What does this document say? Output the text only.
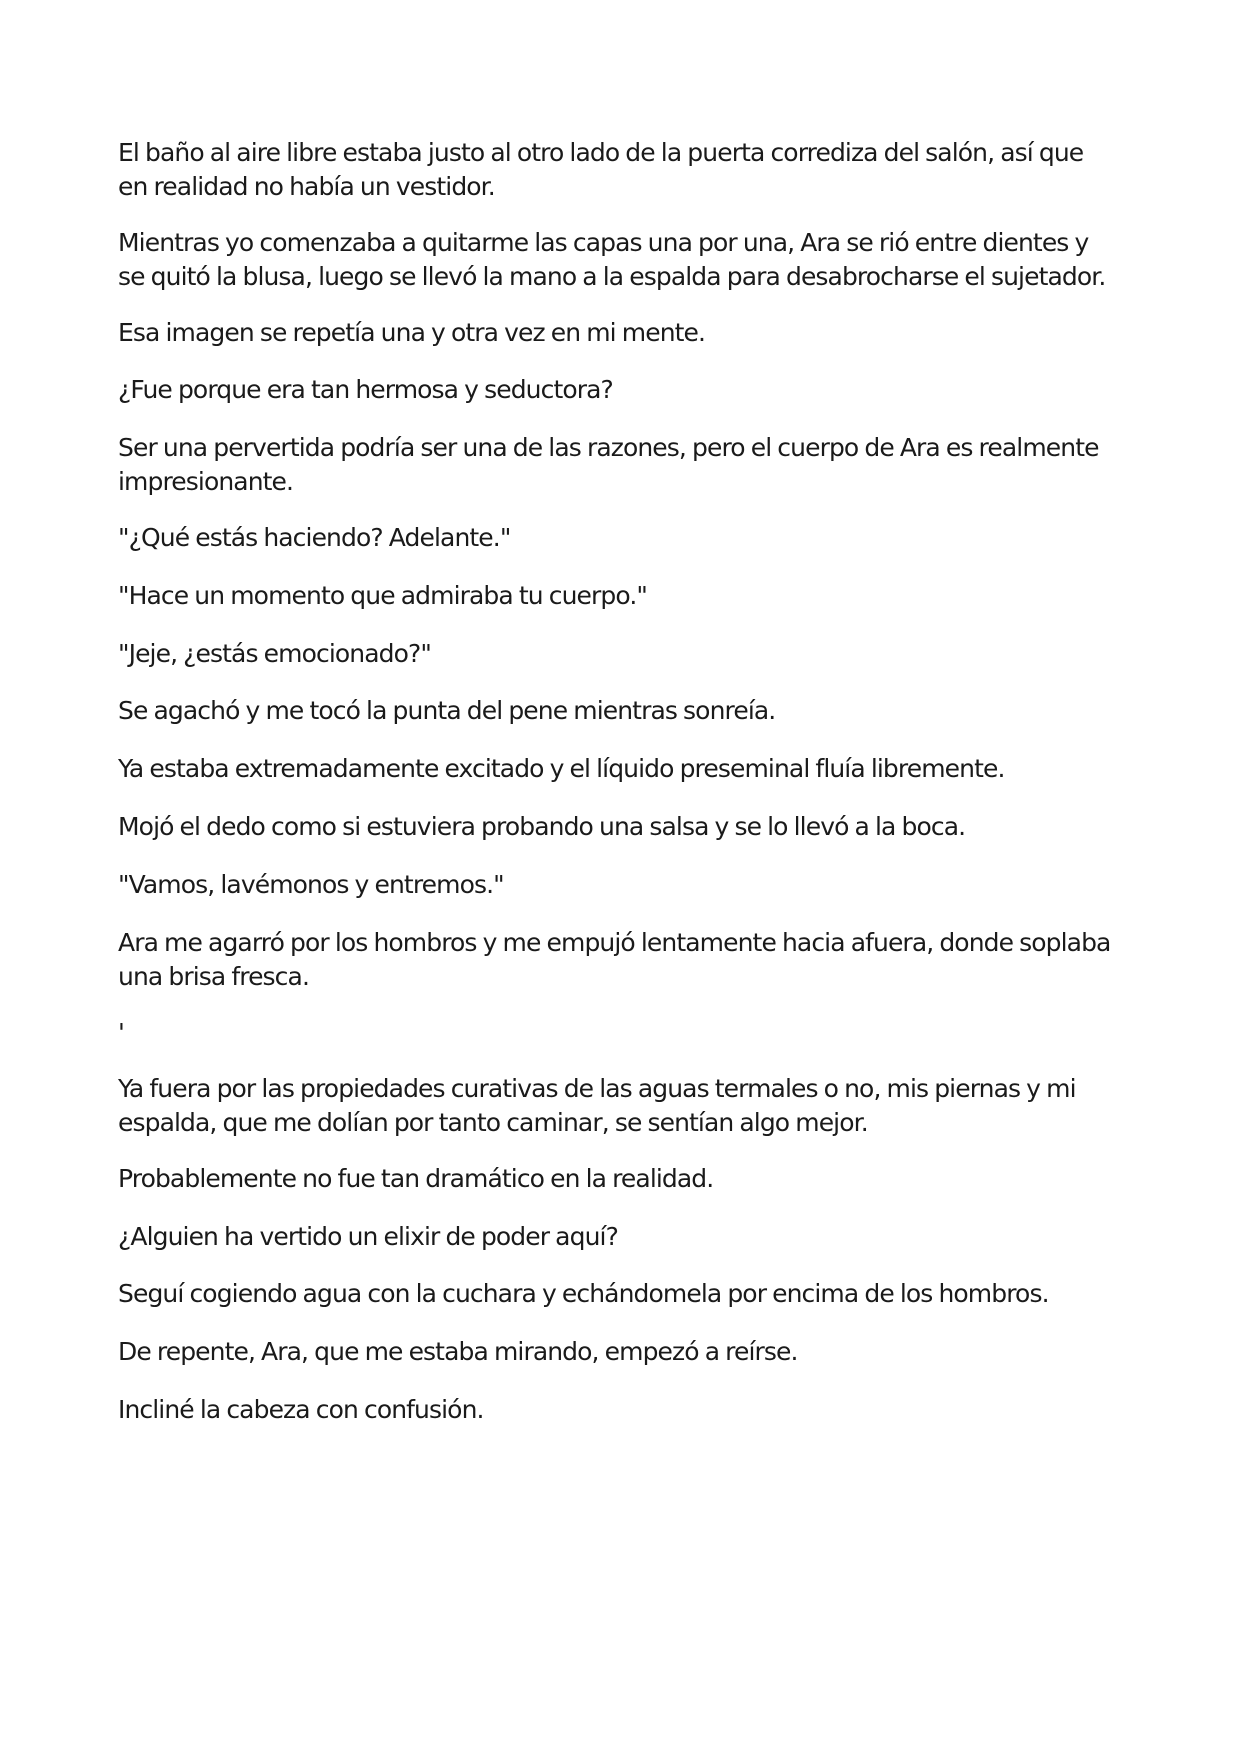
El baño al aire libre estaba justo al otro lado de la puerta corrediza del salón, así que
en realidad no había un vestidor.

Mientras yo comenzaba a quitarme las capas una por una, Ara se rió entre dientes y
se quitó la blusa, luego se llevó la mano a la espalda para desabrocharse el sujetador.

Esa imagen se repetía una y otra vez en mi mente.

¿Fue porque era tan hermosa y seductora?

Ser una pervertida podría ser una de las razones, pero el cuerpo de Ara es realmente
impresionante.

"¿Qué estás haciendo? Adelante."

"Hace un momento que admiraba tu cuerpo."

"Jeje, ¿estás emocionado?"

Se agachó y me tocó la punta del pene mientras sonreía.

Ya estaba extremadamente excitado y el líquido preseminal fluía libremente.

Mojó el dedo como si estuviera probando una salsa y se lo llevó a la boca.

"Vamos, lavémonos y entremos."

Ara me agarró por los hombros y me empujó lentamente hacia afuera, donde soplaba
una brisa fresca.

'

Ya fuera por las propiedades curativas de las aguas termales o no, mis piernas y mi
espalda, que me dolían por tanto caminar, se sentían algo mejor.

Probablemente no fue tan dramático en la realidad.

¿Alguien ha vertido un elixir de poder aquí?

Seguí cogiendo agua con la cuchara y echándomela por encima de los hombros.

De repente, Ara, que me estaba mirando, empezó a reírse.

Incliné la cabeza con confusión.
